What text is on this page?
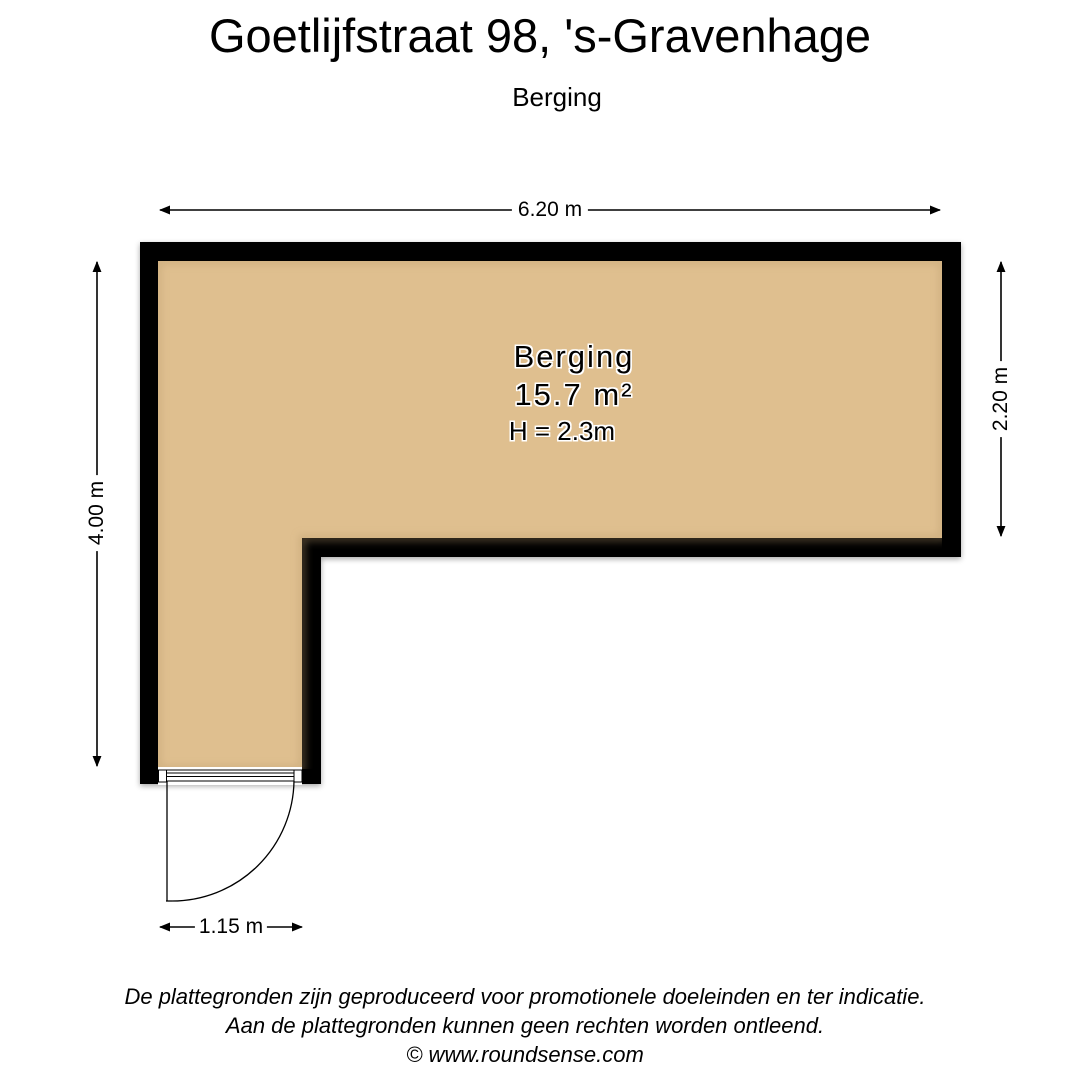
Goetlijfstraat 98, 's-Gravenhage
Berging
6.20 m
4.00 m
2.20 m
1.15 m
Berging
15.7 m²
H = 2.3m
De plattegronden zijn geproduceerd voor promotionele doeleinden en ter indicatie.
Aan de plattegronden kunnen geen rechten worden ontleend.
© www.roundsense.com
